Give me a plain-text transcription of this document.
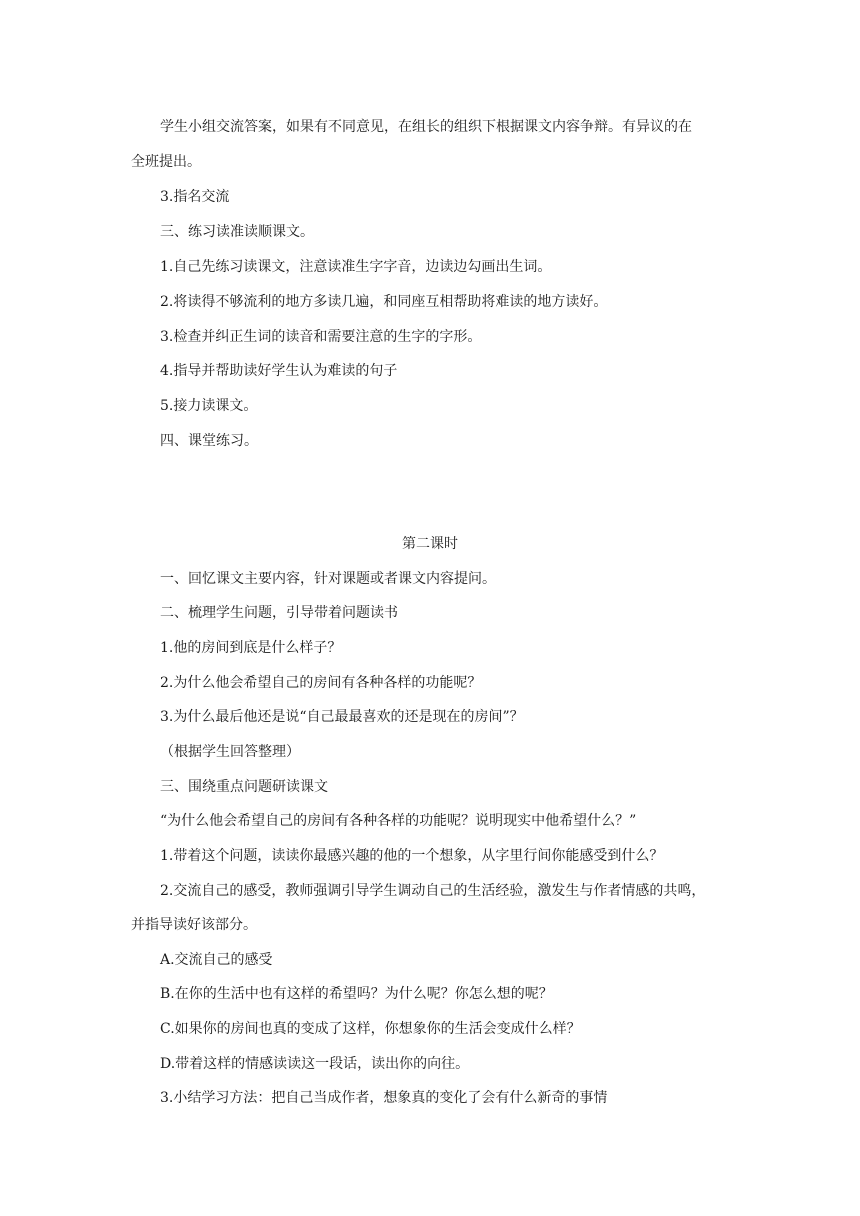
学生小组交流答案，如果有不同意见，在组长的组织下根据课文内容争辩。有异议的在
全班提出。
3.指名交流
三、练习读准读顺课文。
1.自己先练习读课文，注意读准生字字音，边读边勾画出生词。
2.将读得不够流利的地方多读几遍，和同座互相帮助将难读的地方读好。
3.检查并纠正生词的读音和需要注意的生字的字形。
4.指导并帮助读好学生认为难读的句子
5.接力读课文。
四、课堂练习。
第二课时
一、回忆课文主要内容，针对课题或者课文内容提问。
二、梳理学生问题，引导带着问题读书
1.他的房间到底是什么样子？
2.为什么他会希望自己的房间有各种各样的功能呢？
3.为什么最后他还是说“自己最最喜欢的还是现在的房间”？
（根据学生回答整理）
三、围绕重点问题研读课文
“为什么他会希望自己的房间有各种各样的功能呢？说明现实中他希望什么？”
1.带着这个问题，读读你最感兴趣的他的一个想象，从字里行间你能感受到什么？
2.交流自己的感受，教师强调引导学生调动自己的生活经验，激发生与作者情感的共鸣，
并指导读好该部分。
A.交流自己的感受
B.在你的生活中也有这样的希望吗？为什么呢？你怎么想的呢？
C.如果你的房间也真的变成了这样，你想象你的生活会变成什么样？
D.带着这样的情感读读这一段话，读出你的向往。
3.小结学习方法：把自己当成作者，想象真的变化了会有什么新奇的事情
